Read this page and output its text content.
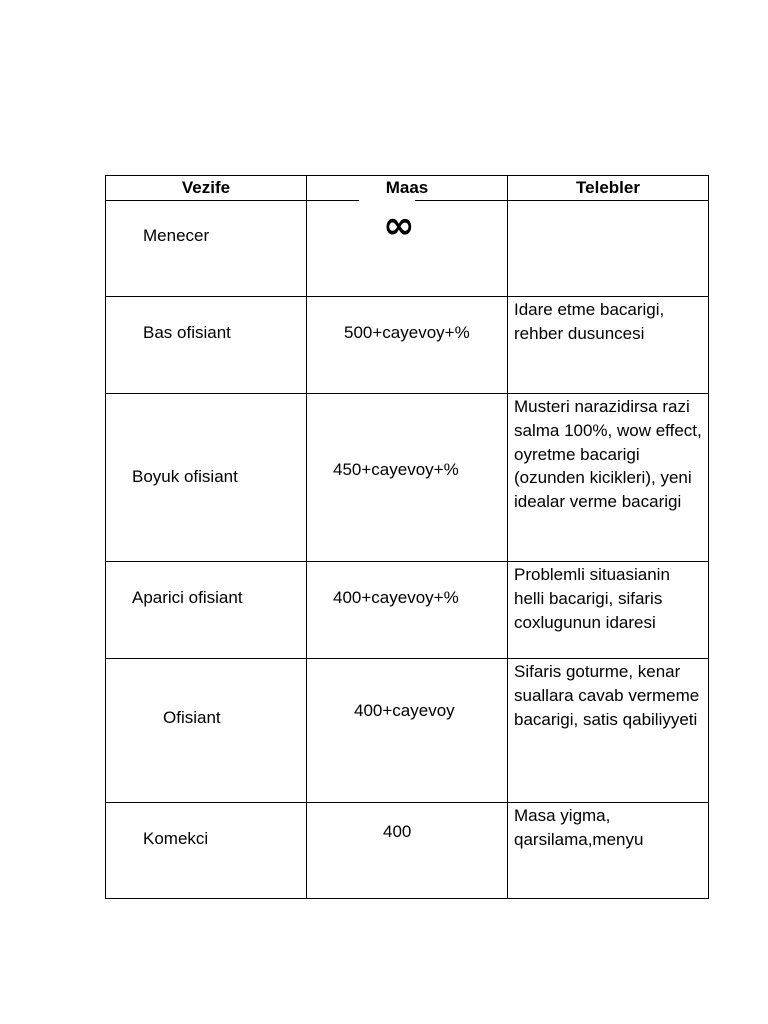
Vezife	Maas	Telebler

Menecer	∞	

Bas ofisiant	500+cayevoy+%	Idare etme bacarigi, rehber dusuncesi

Boyuk ofisiant	450+cayevoy+%	Musteri narazidirsa razi salma 100%, wow effect, oyretme bacarigi (ozunden kicikleri), yeni idealar verme bacarigi

Aparici ofisiant	400+cayevoy+%	Problemli situasianin helli bacarigi, sifaris coxlugunun idaresi

Ofisiant	400+cayevoy	Sifaris goturme, kenar suallara cavab vermeme bacarigi, satis qabiliyyeti

Komekci	400	Masa yigma, qarsilama,menyu
